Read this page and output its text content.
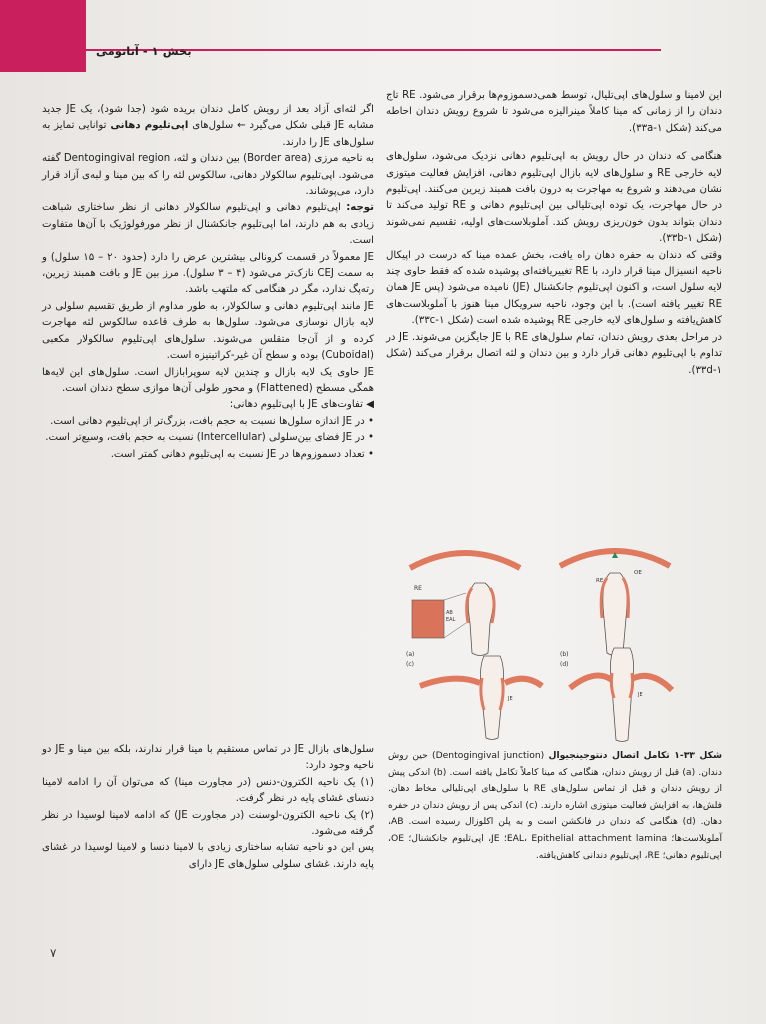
بخش ۱ - آناتومی

این لامینا و سلول‌های اپی‌تلیال، توسط همی‌دسموزوم‌ها برقرار می‌شود. RE تاج دندان را از زمانی که مینا کاملاً مینرالیزه می‌شود تا شروع رویش دندان احاطه می‌کند (شکل ۳۳a-۱).

هنگامی که دندان در حال رویش به اپی‌تلیوم دهانی نزدیک می‌شود، سلول‌های لایه خارجی RE و سلول‌های لایه بازال اپی‌تلیوم دهانی، افزایش فعالیت میتوزی نشان می‌دهند و شروع به مهاجرت به درون بافت همبند زیرین می‌کنند. اپی‌تلیوم در حال مهاجرت، یک توده اپی‌تلیالی بین اپی‌تلیوم دهانی و RE تولید می‌کند تا دندان بتواند بدون خون‌ریزی رویش کند. آملوبلاست‌های اولیه، تقسیم نمی‌شوند (شکل ۳۳b-۱).

وقتی که دندان به حفره دهان راه یافت، بخش عمده مینا که درست در اپیکال ناحیه انسیزال مینا قرار دارد، با RE تغییریافته‌ای پوشیده شده که فقط حاوی چند لایه سلول است، و اکنون اپی‌تلیوم جانکشنال (JE) نامیده می‌شود (پس JE همان RE تغییر یافته است). با این وجود، ناحیه سرویکال مینا هنوز با آملوبلاست‌های کاهش‌یافته و سلول‌های لایه خارجی RE پوشیده شده است (شکل ۳۳c-۱).

در مراحل بعدی رویش دندان، تمام سلول‌های RE با JE جایگزین می‌شوند. JE در تداوم با اپی‌تلیوم دهانی قرار دارد و بین دندان و لثه اتصال برقرار می‌کند (شکل ۳۳d-۱).

اگر لثه‌ای آزاد بعد از رویش کامل دندان بریده شود (جدا شود)، یک JE جدید مشابه JE قبلی شکل می‌گیرد ← سلول‌های اپی‌تلیوم دهانی توانایی تمایز به سلول‌های JE را دارند.

به ناحیه مرزی (Border area) بین دندان و لثه، Dentogingival region گفته می‌شود. اپی‌تلیوم سالکولار دهانی، سالکوس لثه را که بین مینا و لبه‌ی آزاد قرار دارد، می‌پوشاند.

توجه: اپی‌تلیوم دهانی و اپی‌تلیوم سالکولار دهانی از نظر ساختاری شباهت زیادی به هم دارند، اما اپی‌تلیوم جانکشنال از نظر مورفولوژیک با آن‌ها متفاوت است.

JE معمولاً در قسمت کرونالی بیشترین عرض را دارد (حدود ۲۰ – ۱۵ سلول) و به سمت CEJ نازک‌تر می‌شود (۴ – ۳ سلول). مرز بین JE و بافت همبند زیرین، رته‌پگ ندارد، مگر در هنگامی که ملتهب باشد.

JE مانند اپی‌تلیوم دهانی و سالکولار، به طور مداوم از طریق تقسیم سلولی در لایه بازال نوسازی می‌شود. سلول‌ها به طرف قاعده سالکوس لثه مهاجرت کرده و از آن‌جا متقلس می‌شوند. سلول‌های اپی‌تلیوم سالکولار مکعبی (Cuboidal) بوده و سطح آن غیر-کراتینیزه است.

JE حاوی یک لایه بازال و چندین لایه سوپرابازال است. سلول‌های این لایه‌ها همگی مسطح (Flattened) و محور طولی آن‌ها موازی سطح دندان است.

◀ تفاوت‌های JE با اپی‌تلیوم دهانی:

• در JE اندازه سلول‌ها نسبت به حجم بافت، بزرگ‌تر از اپی‌تلیوم دهانی است.

• در JE فضای بین‌سلولی (Intercellular) نسبت به حجم بافت، وسیع‌تر است.

• تعداد دسموزوم‌ها در JE نسبت به اپی‌تلیوم دهانی کمتر است.

سلول‌های بازال JE در تماس مستقیم با مینا قرار ندارند، بلکه بین مینا و JE دو ناحیه وجود دارد:

(۱) یک ناحیه الکترون-دنس (در مجاورت مینا) که می‌توان آن را ادامه لامینا دنسای غشای پایه در نظر گرفت.

(۲) یک ناحیه الکترون-لوسنت (در مجاورت JE) که ادامه لامینا لوسیدا در نظر گرفته می‌شود.

پس این دو ناحیه تشابه ساختاری زیادی با لامینا دنسا و لامینا لوسیدا در غشای پایه دارند. غشای سلولی سلول‌های JE دارای

RE
EAL
AB
(a)
RE
OE
(b)
JE
(c)
JE
(d)
شکل ۳۳-۱ تکامل اتصال دنتوجینجیوال (Dentogingival junction) حین روش دندان. (a) قبل از رویش دندان، هنگامی که مینا کاملاً تکامل یافته است. (b) اندکی پیش از رویش دندان و قبل از تماس سلول‌های RE با سلول‌های اپی‌تلیالی مخاط دهان. فلش‌ها، به افزایش فعالیت میتوزی اشاره دارند. (c) اندکی پس از رویش دندان در حفره دهان. (d) هنگامی که دندان در فانکشن است و به پلن اکلوزال رسیده است. AB، آملوبلاست‌ها؛ EAL، Epithelial attachment lamina؛ JE، اپی‌تلیوم جانکشنال؛ OE، اپی‌تلیوم دهانی؛ RE، اپی‌تلیوم دندانی کاهش‌یافته.
۷
